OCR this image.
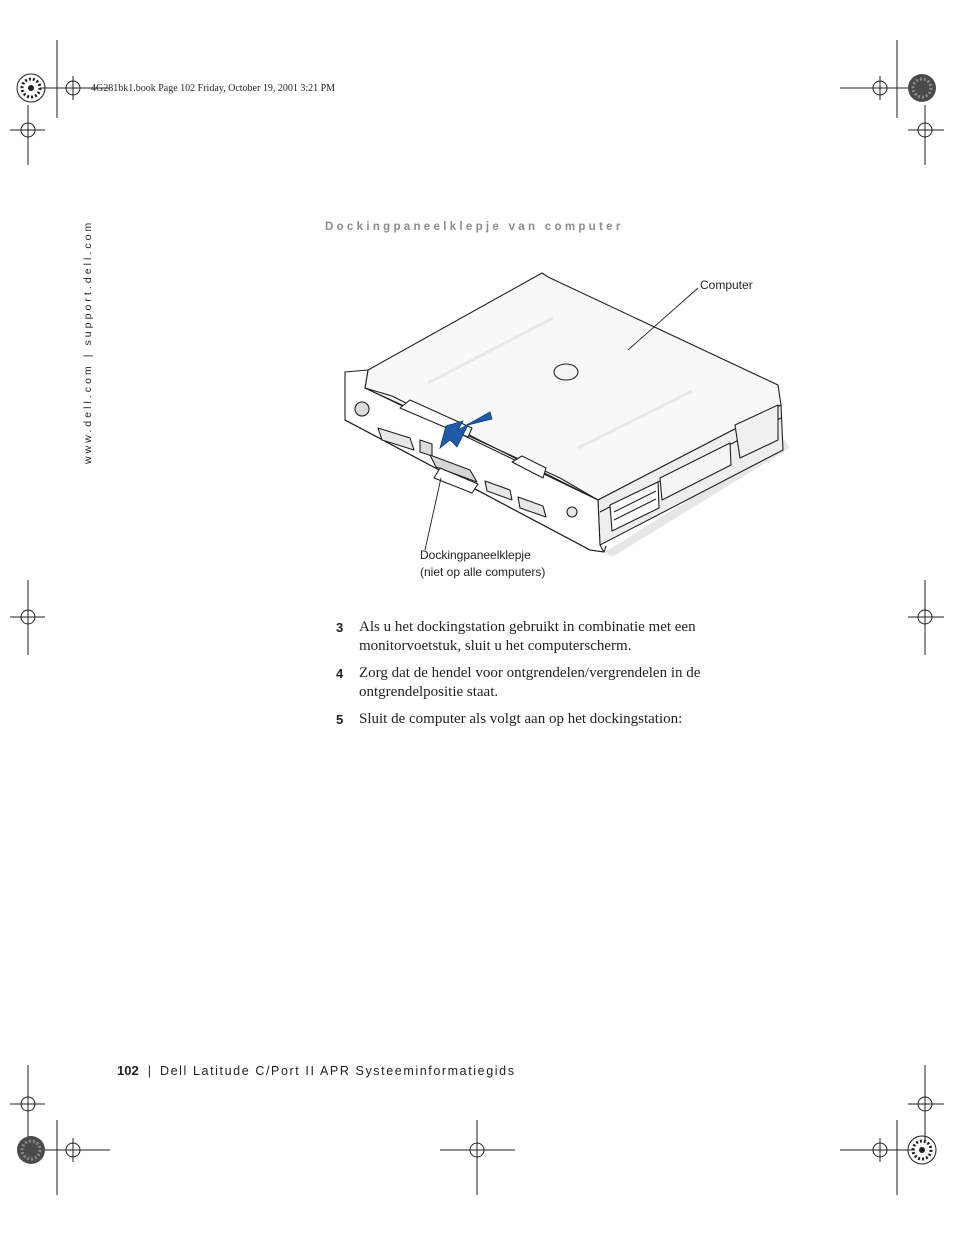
4G281bk1.book Page 102 Friday, October 19, 2001 3:21 PM
www.dell.com | support.dell.com	Dockingpaneelklepje van computer
Computer
Dockingpaneelklepje
(niet op alle computers)
3	Als u het dockingstation gebruikt in combinatie met een monitorvoetstuk, sluit u het computerscherm.
4	Zorg dat de hendel voor ontgrendelen/vergrendelen in de ontgrendelpositie staat.
5	Sluit de computer als volgt aan op het dockingstation:
102 | Dell Latitude C/Port II APR Systeeminformatiegids
